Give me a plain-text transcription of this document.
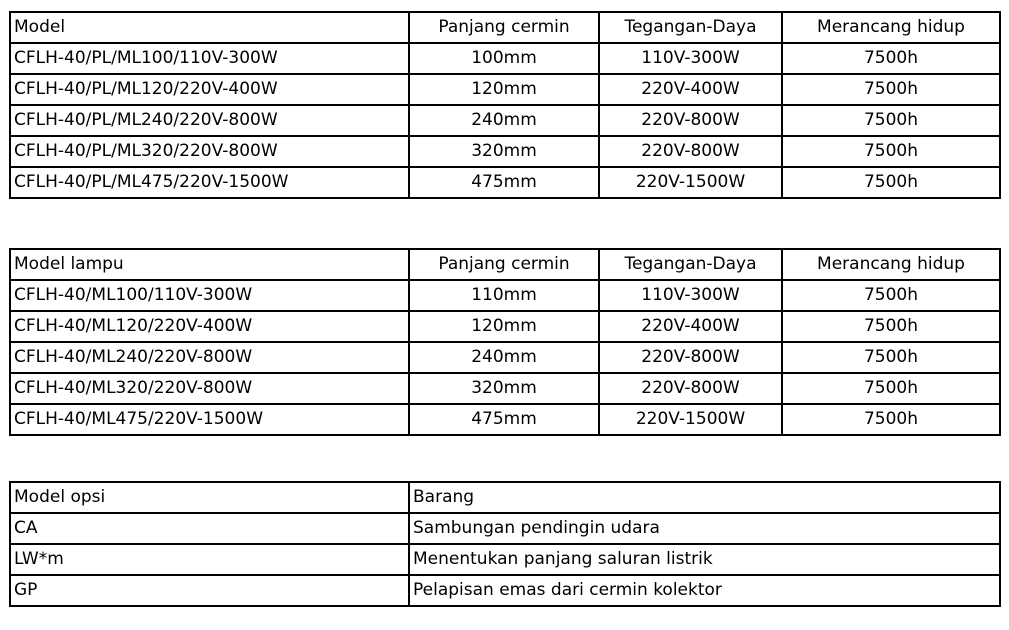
Model	Panjang cermin	Tegangan-Daya	Merancang hidup
CFLH-40/PL/ML100/110V-300W	100mm	110V-300W	7500h
CFLH-40/PL/ML120/220V-400W	120mm	220V-400W	7500h
CFLH-40/PL/ML240/220V-800W	240mm	220V-800W	7500h
CFLH-40/PL/ML320/220V-800W	320mm	220V-800W	7500h
CFLH-40/PL/ML475/220V-1500W	475mm	220V-1500W	7500h
Model lampu	Panjang cermin	Tegangan-Daya	Merancang hidup
CFLH-40/ML100/110V-300W	110mm	110V-300W	7500h
CFLH-40/ML120/220V-400W	120mm	220V-400W	7500h
CFLH-40/ML240/220V-800W	240mm	220V-800W	7500h
CFLH-40/ML320/220V-800W	320mm	220V-800W	7500h
CFLH-40/ML475/220V-1500W	475mm	220V-1500W	7500h
Model opsi	Barang
CA	Sambungan pendingin udara
LW*m	Menentukan panjang saluran listrik
GP	Pelapisan emas dari cermin kolektor
